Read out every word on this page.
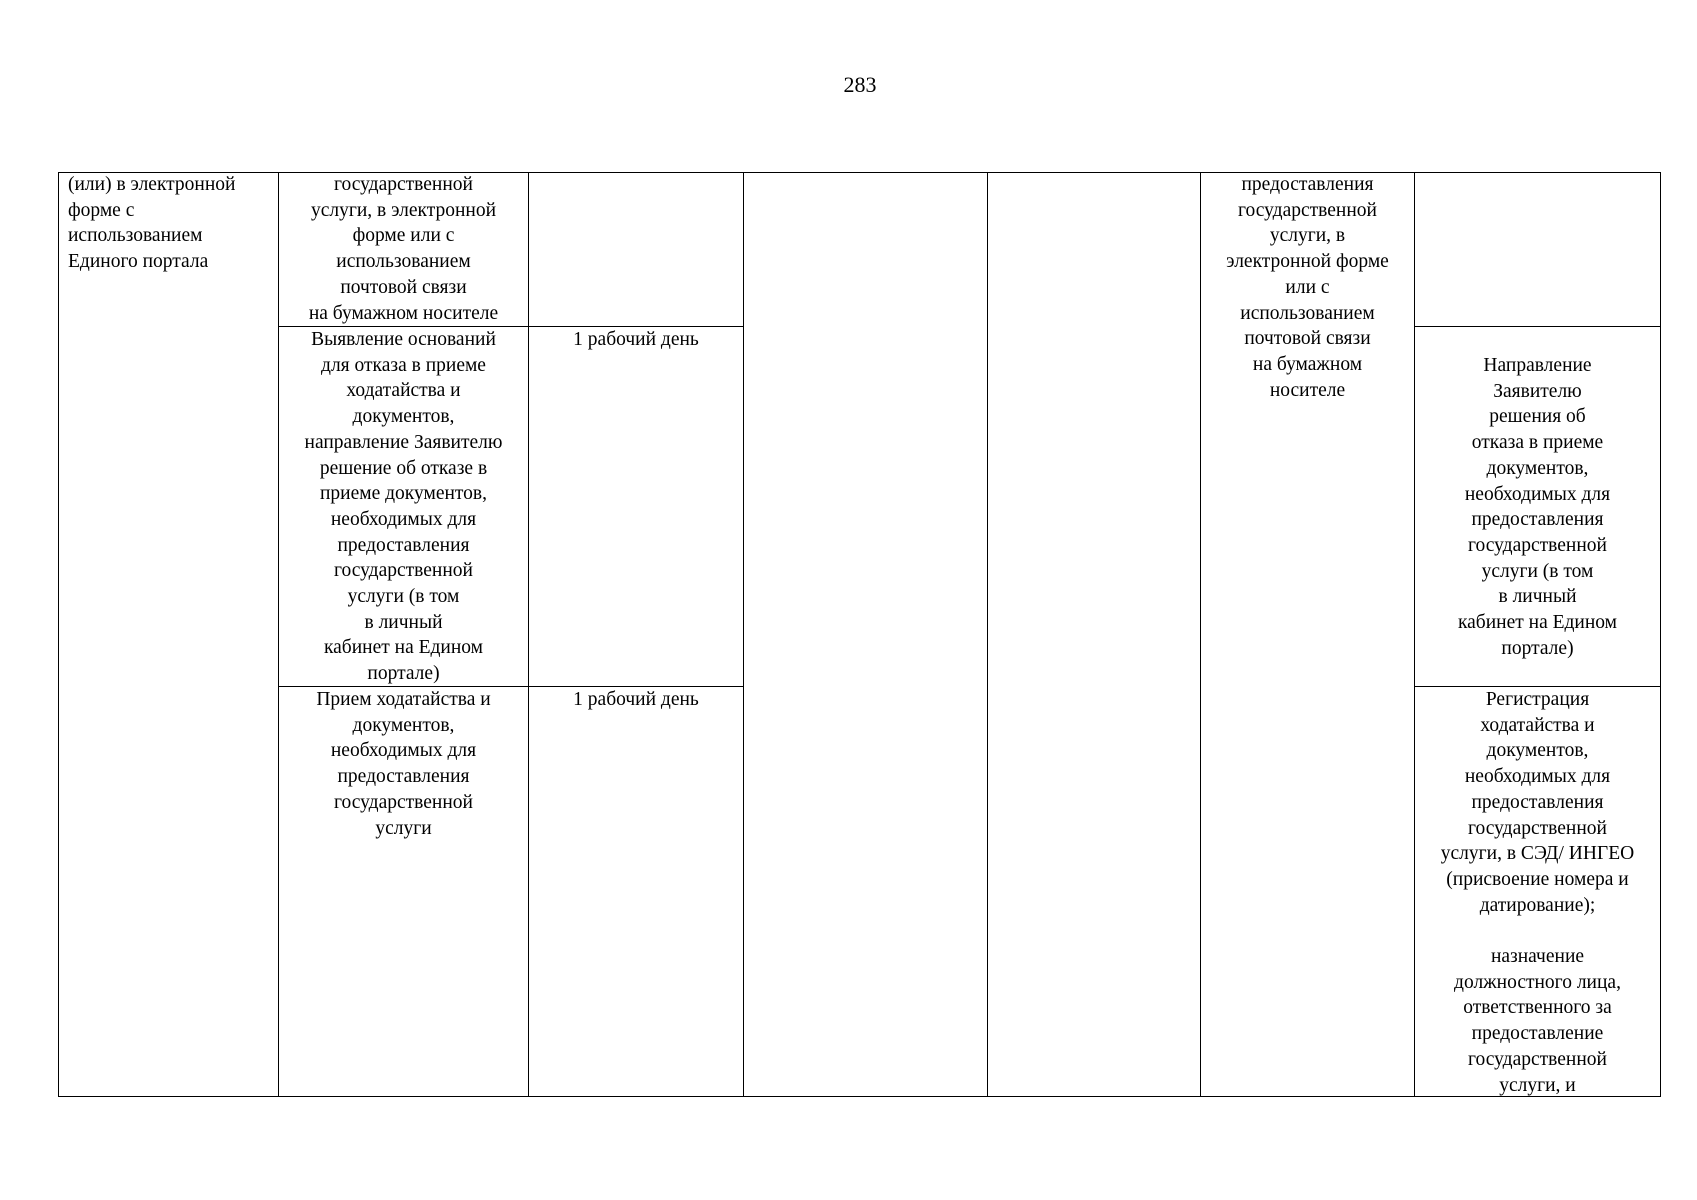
283
(или) в электронной
форме с
использованием
Единого портала
государственной
услуги, в электронной
форме или с
использованием
почтовой связи
на бумажном носителе
Выявление оснований
для отказа в приеме
ходатайства и
документов,
направление Заявителю
решение об отказе в
приеме документов,
необходимых для
предоставления
государственной
услуги (в том
в личный
кабинет на Едином
портале)
Прием ходатайства и
документов,
необходимых для
предоставления
государственной
услуги
1 рабочий день
1 рабочий день
предоставления
государственной
услуги, в
электронной форме
или с
использованием
почтовой связи
на бумажном
носителе
Направление
Заявителю
решения об
отказа в приеме
документов,
необходимых для
предоставления
государственной
услуги (в том
в личный
кабинет на Едином
портале)
Регистрация
ходатайства и
документов,
необходимых для
предоставления
государственной
услуги, в СЭД/ ИНГЕО
(присвоение номера и
датирование);

назначение
должностного лица,
ответственного за
предоставление
государственной
услуги, и
